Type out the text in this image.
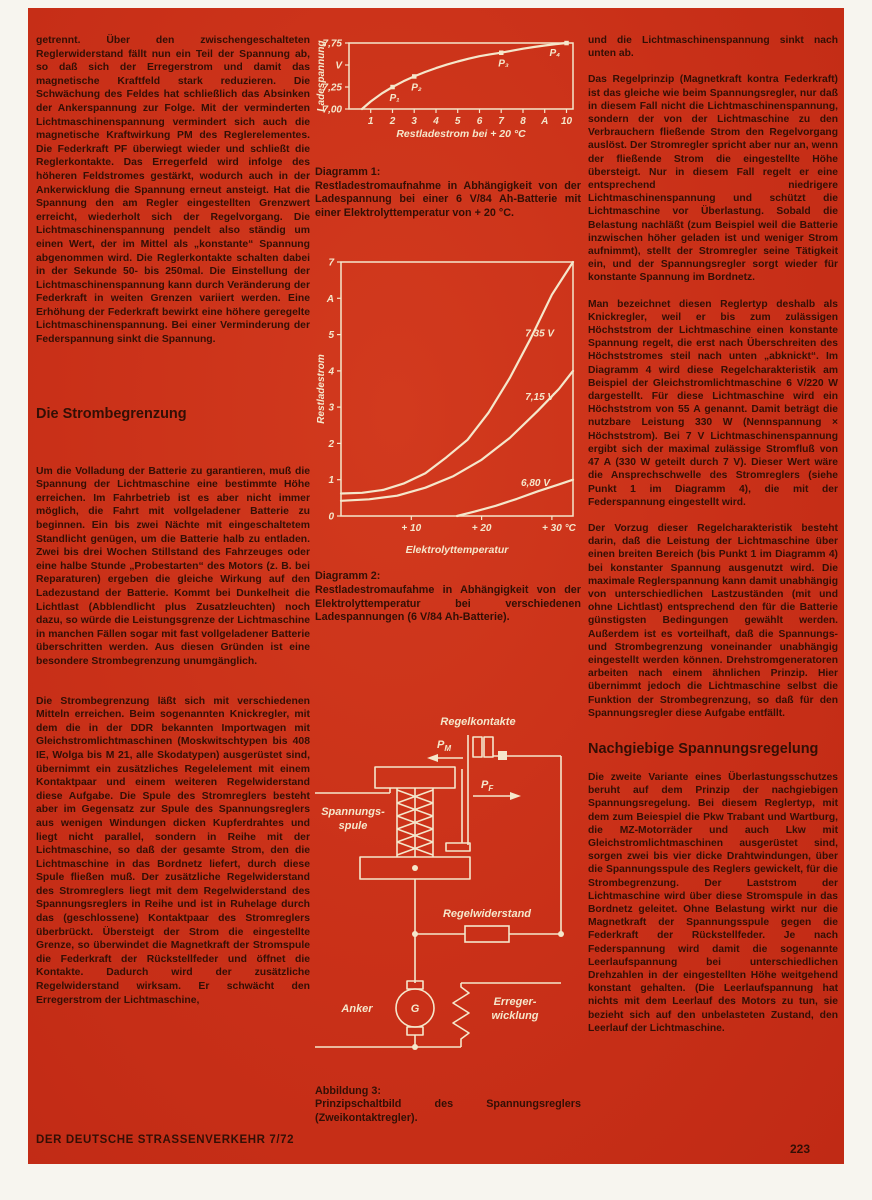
getrennt. Über den zwischengeschalteten Reglerwiderstand fällt nun ein Teil der Spannung ab, so daß sich der Erregerstrom und damit das magnetische Kraftfeld stark reduzieren. Die Schwächung des Feldes hat schließlich das Absinken der Ankerspannung zur Folge. Mit der verminderten Lichtmaschinenspannung vermindert sich auch die magnetische Kraftwirkung PM des Reglerelementes. Die Federkraft PF überwiegt wieder und schließt die Reglerkontakte. Das Erregerfeld wird infolge des höheren Feldstromes gestärkt, wodurch auch in der Ankerwicklung die Spannung erneut ansteigt. Hat die Spannung den am Regler eingestellten Grenzwert erreicht, wiederholt sich der Regelvorgang. Die Lichtmaschinenspannung pendelt also ständig um einen Wert, der im Mittel als „konstante“ Spannung abgenommen wird. Die Reglerkontakte schalten dabei in der Sekunde 50- bis 250mal. Die Einstellung der Lichtmaschinenspannung kann durch Veränderung der Federkraft in weiten Grenzen variiert werden. Eine Erhöhung der Federkraft bewirkt eine höhere geregelte Lichtmaschinenspannung. Bei einer Verminderung der Federspannung sinkt die Spannung.

Die Strombegrenzung

Um die Volladung der Batterie zu garantieren, muß die Spannung der Lichtmaschine eine bestimmte Höhe erreichen. Im Fahrbetrieb ist es aber nicht immer möglich, die Fahrt mit vollgeladener Batterie zu beginnen. Ein bis zwei Nächte mit eingeschaltetem Standlicht genügen, um die Batterie halb zu entladen. Zwei bis drei Wochen Stillstand des Fahrzeuges oder eine halbe Stunde „Probestarten“ des Motors (z. B. bei Reparaturen) ergeben die gleiche Wirkung auf den Ladezustand der Batterie. Kommt bei Dunkelheit die Lichtlast (Abblendlicht plus Zusatzleuchten) noch dazu, so würde die Leistungsgrenze der Lichtmaschine in manchen Fällen sogar mit fast vollgeladener Batterie überschritten werden. Aus diesen Gründen ist eine besondere Strombegrenzung unumgänglich.

Die Strombegrenzung läßt sich mit verschiedenen Mitteln erreichen. Beim sogenannten Knickregler, mit dem die in der DDR bekannten Importwagen mit Gleichstromlichtmaschinen (Moskwitschtypen bis 408 IE, Wolga bis M 21, alle Skodatypen) ausgerüstet sind, übernimmt ein zusätzliches Regelelement mit einem Kontaktpaar und einem weiteren Regelwiderstand diese Aufgabe. Die Spule des Stromreglers besteht aber im Gegensatz zur Spule des Spannungsreglers aus wenigen Windungen dicken Kupferdrahtes und liegt nicht parallel, sondern in Reihe mit der Lichtmaschine, so daß der gesamte Strom, den die Lichtmaschine in das Bordnetz liefert, durch diese Spule fließen muß. Der zusätzliche Regelwiderstand des Stromreglers liegt mit dem Regelwiderstand des Spannungsreglers in Reihe und ist in Ruhelage durch das (geschlossene) Kontaktpaar des Stromreglers überbrückt. Übersteigt der Strom die eingestellte Grenze, so überwindet die Magnetkraft der Stromspule die Federkraft der Rückstellfeder und öffnet die Kontakte. Dadurch wird der zusätzliche Regelwiderstand wirksam. Er schwächt den Erregerstrom der Lichtmaschine,

7,75
V
7,25
7,00
1 2 3 4 5 6 7 8 A 10
P₁
P₂
P₃
P₄
Restladestrom bei + 20 °C
Ladespannung

Diagramm 1:
Restladestromaufnahme in Abhängigkeit von der Ladespannung bei einer 6 V/84 Ah-Batterie mit einer Elektrolyttemperatur von + 20 °C.

0
1
2
3
4
5
A
7
+ 10	+ 20	+ 30 °C
7,35 V
7,15 V
6,80 V
Elektrolyttemperatur
Restladestrom

Diagramm 2:
Restladestromaufahme in Abhängigkeit von der Elektrolyttemperatur bei verschiedenen Ladespannungen (6 V/84 Ah-Batterie).

Regelkontakte
$P_M$
$P_F$
Spannungs-
spule
Regelwiderstand
G
Anker
Erreger-
wicklung

Abbildung 3:
Prinzipschaltbild des Spannungsreglers (Zweikontaktregler).

und die Lichtmaschinenspannung sinkt nach unten ab.

Das Regelprinzip (Magnetkraft kontra Federkraft) ist das gleiche wie beim Spannungsregler, nur daß in diesem Fall nicht die Lichtmaschinenspannung, sondern der von der Lichtmaschine zu den Verbrauchern fließende Strom den Regelvorgang auslöst. Der Stromregler spricht aber nur an, wenn der fließende Strom die eingestellte Höhe übersteigt. Nur in diesem Fall regelt er eine entsprechend niedrigere Lichtmaschinenspannung und schützt die Lichtmaschine vor Überlastung. Sobald die Belastung nachläßt (zum Beispiel weil die Batterie inzwischen höher geladen ist und weniger Strom aufnimmt), stellt der Stromregler seine Tätigkeit ein, und der Spannungsregler sorgt wieder für konstante Spannung im Bordnetz.

Man bezeichnet diesen Reglertyp deshalb als Knickregler, weil er bis zum zulässigen Höchststrom der Lichtmaschine einen konstante Spannung regelt, die erst nach Überschreiten des Höchststromes steil nach unten „abknickt“. Im Diagramm 4 wird diese Regelcharakteristik am Beispiel der Gleichstromlichtmaschine 6 V/220 W dargestellt. Für diese Lichtmaschine wird ein Höchststrom von 55 A genannt. Damit beträgt die nutzbare Leistung 330 W (Nennspannung × Höchststrom). Bei 7 V Lichtmaschinenspannung ergibt sich der maximal zulässige Stromfluß von 47 A (330 W geteilt durch 7 V). Dieser Wert wäre die Ansprechschwelle des Stromreglers (siehe Punkt 1 im Diagramm 4), die mit der Federspannung eingestellt wird.

Der Vorzug dieser Regelcharakteristik besteht darin, daß die Leistung der Lichtmaschine über einen breiten Bereich (bis Punkt 1 im Diagramm 4) bei konstanter Spannung ausgenutzt wird. Die maximale Reglerspannung kann damit unabhängig von unterschiedlichen Lastzuständen (mit und ohne Lichtlast) entsprechend den für die Batterie günstigsten Bedingungen gewählt werden. Außerdem ist es vorteilhaft, daß die Spannungs- und Strombegrenzung voneinander unabhängig eingestellt werden können. Drehstromgeneratoren arbeiten nach einem ähnlichen Prinzip. Hier übernimmt jedoch die Lichtmaschine selbst die Funktion der Strombegrenzung, so daß für den Spannungsregler diese Aufgabe entfällt.

Nachgiebige Spannungsregelung

Die zweite Variante eines Überlastungsschutzes beruht auf dem Prinzip der nachgiebigen Spannungsregelung. Bei diesem Reglertyp, mit dem zum Beiespiel die Pkw Trabant und Wartburg, die MZ-Motorräder und auch Lkw mit Gleichstromlichtmaschinen ausgerüstet sind, sorgen zwei bis vier dicke Drahtwindungen, über die Spannungsspule des Reglers gewickelt, für die Strombegrenzung. Der Laststrom der Lichtmaschine wird über diese Stromspule in das Bordnetz geleitet. Ohne Belastung wirkt nur die Magnetkraft der Spannungsspule gegen die Federkraft der Rückstellfeder. Je nach Federspannung wird damit die sogenannte Leerlaufspannung bei unterschiedlichen Drehzahlen in der eingestellten Höhe weitgehend konstant gehalten. (Die Leerlaufspannung hat nichts mit dem Leerlauf des Motors zu tun, sie bezieht sich auf den unbelasteten Zustand, den Leerlauf der Lichtmaschine.

DER DEUTSCHE STRASSENVERKEHR 7/72
223
